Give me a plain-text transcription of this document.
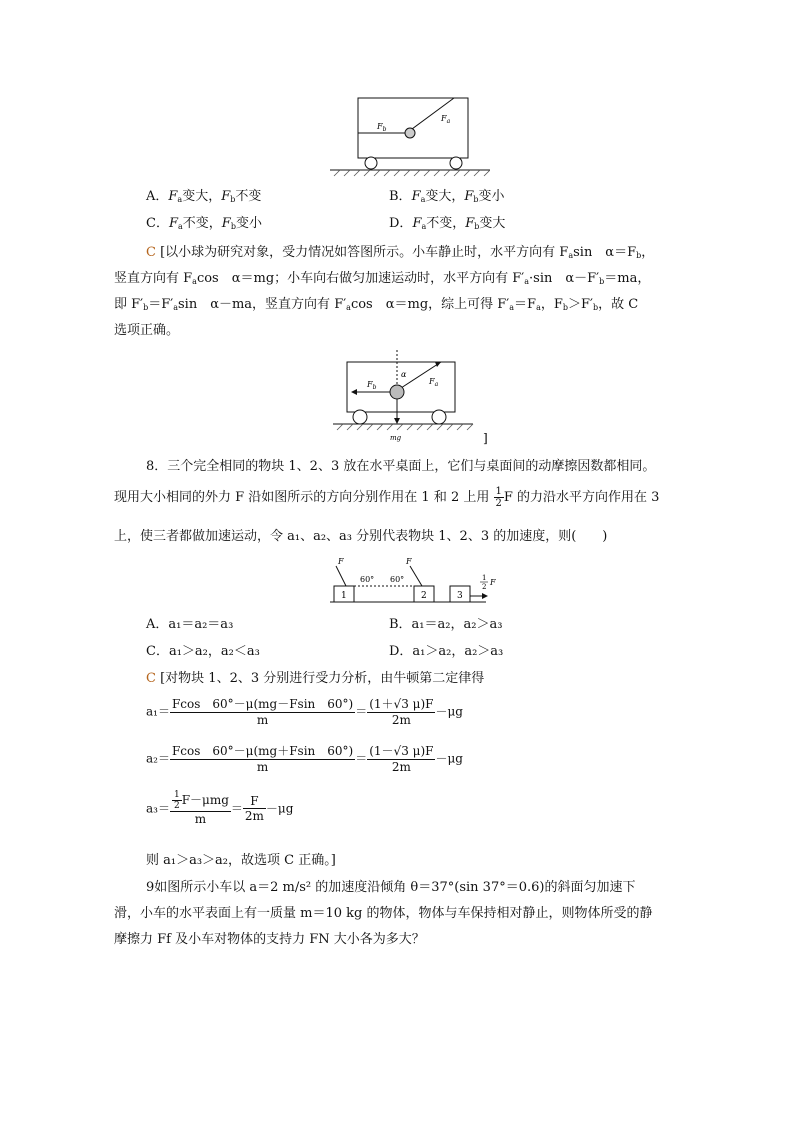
$F_b$
$F_a$
A．$F_a$变大，$F_b$不变	B．$F_a$变大，$F_b$变小
C．$F_a$不变，$F_b$变小	D．$F_a$不变，$F_b$变大
C [以小球为研究对象，受力情况如答图所示。小车静止时，水平方向有 $F_a\sin$　$\alpha=F_b$，
竖直方向有 $F_a\cos$　α＝mg；小车向右做匀加速运动时，水平方向有 $F'_a\cdot\sin$　$\alpha-F'_b=ma$，
即 $F'_b=F'_a\sin$　α－ma，竖直方向有 $F'_a\cos$　α＝mg，综上可得 $F'_a=F_a$，$F_b>F'_b$，故 C
选项正确。
α
$F_b$
$F_a$
mg	]
8．三个完全相同的物块 1、2、3 放在水平桌面上，它们与桌面间的动摩擦因数都相同。
现用大小相同的外力 F 沿如图所示的方向分别作用在 1 和 2 上用 $\frac{1}{2}$ F 的力沿水平方向作用在 3
上，使三者都做加速运动，令 a₁、a₂、a₃ 分别代表物块 1、2、3 的加速度，则(　　)
F	F
60° 60°
1	2	3
1
2 F
A．a₁＝a₂＝a₃	B．a₁＝a₂，a₂＞a₃
C．a₁＞a₂，a₂＜a₃	D．a₁＞a₂，a₂＞a₃
C [对物块 1、2、3 分别进行受力分析，由牛顿第二定律得
$a_1= \frac{Fcos 60^\circ-\mu(mg-Fsin 60^\circ)}{m} = \frac{(1+√3 \mu)F}{2m} -\mu g$
$a_2= \frac{Fcos 60^\circ-\mu(mg+Fsin 60^\circ)}{m} = \frac{(1-√3 \mu)F}{2m} -\mu g$
$a_3= \frac{\frac{1}{2} F-\mu mg}{m} = \frac{F}{2m} -\mu g$
则 a₁＞a₃＞a₂，故选项 C 正确。]
9如图所示小车以 a＝2 m/s² 的加速度沿倾角 θ＝37°(sin 37°＝0.6)的斜面匀加速下
滑，小车的水平表面上有一质量 m＝10 kg 的物体，物体与车保持相对静止，则物体所受的静
摩擦力 Ff 及小车对物体的支持力 FN 大小各为多大？
